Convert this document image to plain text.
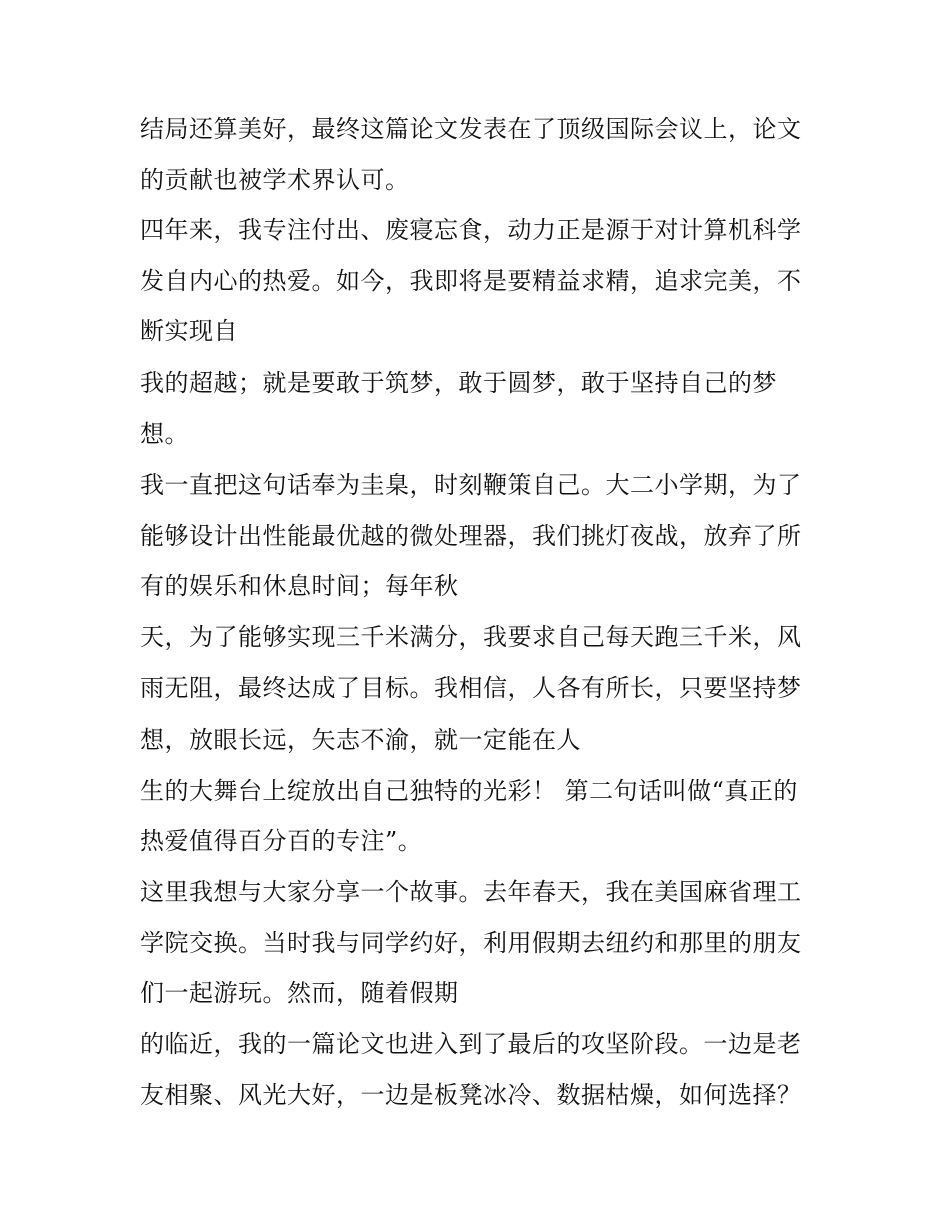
结局还算美好，最终这篇论文发表在了顶级国际会议上，论文

的贡献也被学术界认可。

四年来，我专注付出、废寝忘食，动力正是源于对计算机科学

发自内心的热爱。如今，我即将是要精益求精，追求完美，不

断实现自

我的超越；就是要敢于筑梦，敢于圆梦，敢于坚持自己的梦

想。

我一直把这句话奉为圭臬，时刻鞭策自己。大二小学期，为了

能够设计出性能最优越的微处理器，我们挑灯夜战，放弃了所

有的娱乐和休息时间；每年秋

天，为了能够实现三千米满分，我要求自己每天跑三千米，风

雨无阻，最终达成了目标。我相信，人各有所长，只要坚持梦

想，放眼长远，矢志不渝，就一定能在人

生的大舞台上绽放出自己独特的光彩！ 第二句话叫做“真正的

热爱值得百分百的专注”。

这里我想与大家分享一个故事。去年春天，我在美国麻省理工

学院交换。当时我与同学约好，利用假期去纽约和那里的朋友

们一起游玩。然而，随着假期

的临近，我的一篇论文也进入到了最后的攻坚阶段。一边是老

友相聚、风光大好，一边是板凳冰冷、数据枯燥，如何选择？
